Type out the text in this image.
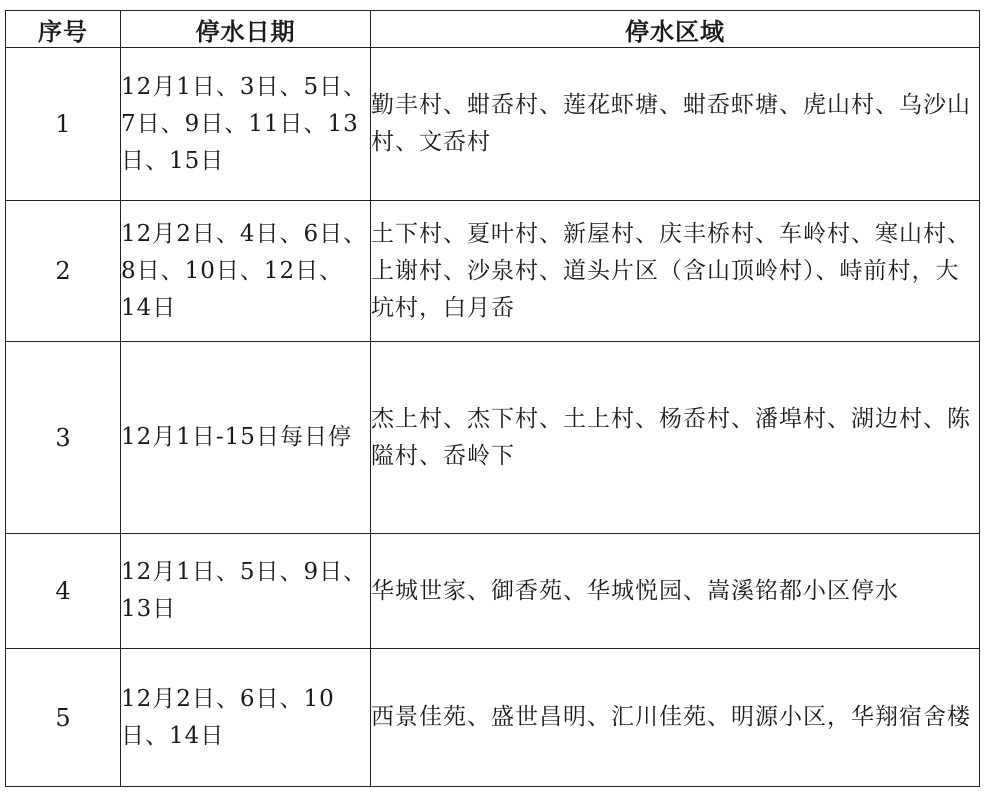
序号	停水日期	停水区域
1	12月1日、3日、5日、7日、9日、11日、13日、15日	勤丰村、蚶岙村、莲花虾塘、蚶岙虾塘、虎山村、乌沙山村、文岙村
2	12月2日、4日、6日、8日、10日、12日、14日	土下村、夏叶村、新屋村、庆丰桥村、车岭村、寒山村、上谢村、沙泉村、道头片区（含山顶岭村）、峙前村，大坑村，白月岙
3	12月1日-15日每日停	杰上村、杰下村、土上村、杨岙村、潘埠村、湖边村、陈隘村、岙岭下
4	12月1日、5日、9日、13日	华城世家、御香苑、华城悦园、嵩溪铭都小区停水
5	12月2日、6日、10日、14日	西景佳苑、盛世昌明、汇川佳苑、明源小区，华翔宿舍楼
